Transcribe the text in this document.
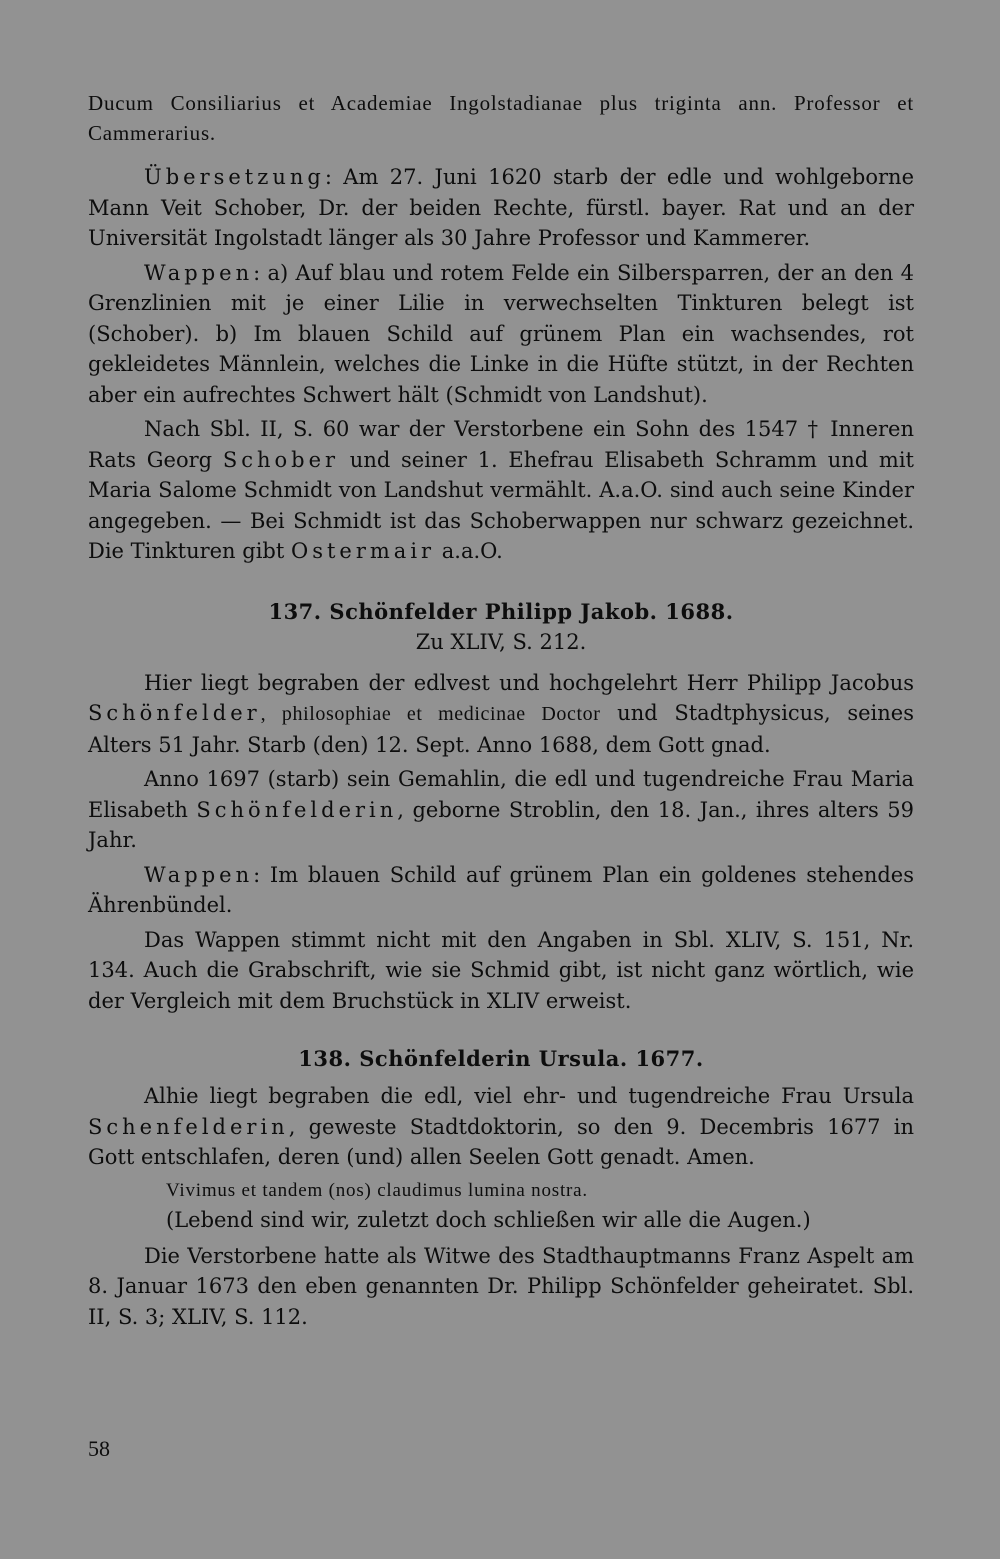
Ducum Consiliarius et Academiae Ingolstadianae plus triginta ann. Professor et Cammerarius.

Übersetzung: Am 27. Juni 1620 starb der edle und wohlgeborne Mann Veit Schober, Dr. der beiden Rechte, fürstl. bayer. Rat und an der Universität Ingolstadt länger als 30 Jahre Professor und Kammerer.

Wappen: a) Auf blau und rotem Felde ein Silbersparren, der an den 4 Grenzlinien mit je einer Lilie in verwechselten Tinkturen belegt ist (Schober). b) Im blauen Schild auf grünem Plan ein wachsendes, rot gekleidetes Männlein, welches die Linke in die Hüfte stützt, in der Rechten aber ein aufrechtes Schwert hält (Schmidt von Landshut).

Nach Sbl. II, S. 60 war der Verstorbene ein Sohn des 1547 † Inneren Rats Georg Schober und seiner 1. Ehefrau Elisabeth Schramm und mit Maria Salome Schmidt von Landshut vermählt. A.a.O. sind auch seine Kinder angegeben. — Bei Schmidt ist das Schoberwappen nur schwarz gezeichnet. Die Tinkturen gibt Ostermair a.a.O.

137. Schönfelder Philipp Jakob. 1688.
Zu XLIV, S. 212.

Hier liegt begraben der edlvest und hochgelehrt Herr Philipp Jacobus Schönfelder, philosophiae et medicinae Doctor und Stadtphysicus, seines Alters 51 Jahr. Starb (den) 12. Sept. Anno 1688, dem Gott gnad.

Anno 1697 (starb) sein Gemahlin, die edl und tugendreiche Frau Maria Elisabeth Schönfelderin, geborne Stroblin, den 18. Jan., ihres alters 59 Jahr.

Wappen: Im blauen Schild auf grünem Plan ein goldenes stehendes Ährenbündel.

Das Wappen stimmt nicht mit den Angaben in Sbl. XLIV, S. 151, Nr. 134. Auch die Grabschrift, wie sie Schmid gibt, ist nicht ganz wörtlich, wie der Vergleich mit dem Bruchstück in XLIV erweist.

138. Schönfelderin Ursula. 1677.

Alhie liegt begraben die edl, viel ehr- und tugendreiche Frau Ursula Schenfelderin, geweste Stadtdoktorin, so den 9. Decembris 1677 in Gott entschlafen, deren (und) allen Seelen Gott genadt. Amen.

Vivimus et tandem (nos) claudimus lumina nostra.

(Lebend sind wir, zuletzt doch schließen wir alle die Augen.)

Die Verstorbene hatte als Witwe des Stadthauptmanns Franz Aspelt am 8. Januar 1673 den eben genannten Dr. Philipp Schönfelder geheiratet. Sbl. II, S. 3; XLIV, S. 112.

58
